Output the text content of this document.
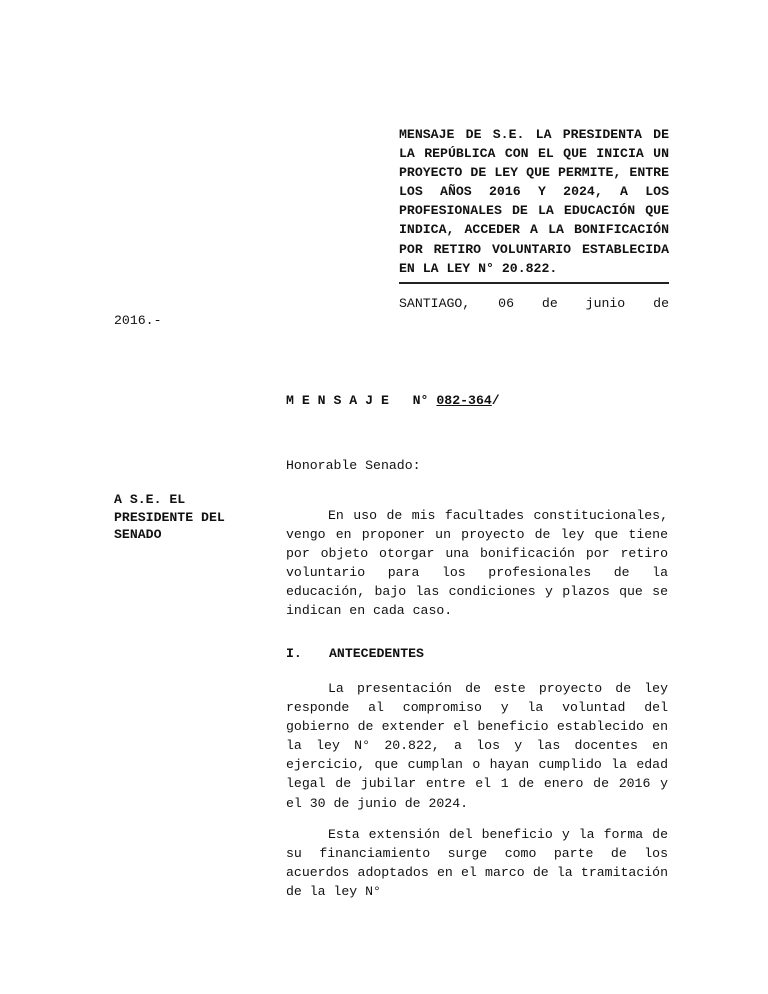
MENSAJE DE S.E. LA PRESIDENTA DE LA REPÚBLICA CON EL QUE INICIA UN PROYECTO DE LEY QUE PERMITE, ENTRE LOS AÑOS 2016 Y 2024, A LOS PROFESIONALES DE LA EDUCACIÓN QUE INDICA, ACCEDER A LA BONIFICACIÓN POR RETIRO VOLUNTARIO ESTABLECIDA EN LA LEY N° 20.822.
SANTIAGO, 06 de junio de
2016.-
M E N S A J E N° 082-364/
Honorable Senado:
A S.E. EL PRESIDENTE DEL SENADO
En uso de mis facultades constitucionales, vengo en proponer un proyecto de ley que tiene por objeto otorgar una bonificación por retiro voluntario para los profesionales de la educación, bajo las condiciones y plazos que se indican en cada caso.
I. ANTECEDENTES
La presentación de este proyecto de ley responde al compromiso y la voluntad del gobierno de extender el beneficio establecido en la ley N° 20.822, a los y las docentes en ejercicio, que cumplan o hayan cumplido la edad legal de jubilar entre el 1 de enero de 2016 y el 30 de junio de 2024.
Esta extensión del beneficio y la forma de su financiamiento surge como parte de los acuerdos adoptados en el marco de la tramitación de la ley N°
